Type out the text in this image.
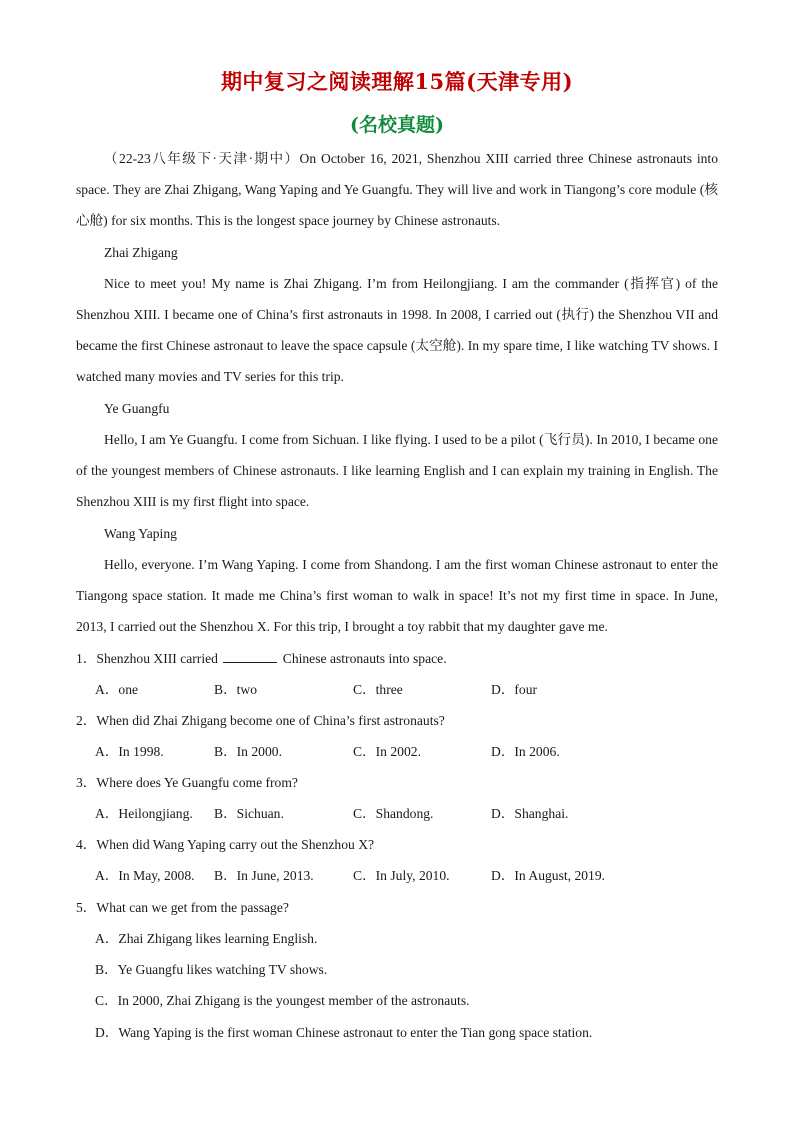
期中复习之阅读理解15篇(天津专用)
(名校真题)

（22-23八年级下·天津·期中）On October 16, 2021, Shenzhou XIII carried three Chinese astronauts into space. They are Zhai Zhigang, Wang Yaping and Ye Guangfu. They will live and work in Tiangong’s core module (核心舱) for six months. This is the longest space journey by Chinese astronauts.

Zhai Zhigang

Nice to meet you! My name is Zhai Zhigang. I’m from Heilongjiang. I am the commander (指挥官) of the Shenzhou XIII. I became one of China’s first astronauts in 1998. In 2008, I carried out (执行) the Shenzhou VII and became the first Chinese astronaut to leave the space capsule (太空舱). In my spare time, I like watching TV shows. I watched many movies and TV series for this trip.

Ye Guangfu

Hello, I am Ye Guangfu. I come from Sichuan. I like flying. I used to be a pilot (飞行员). In 2010, I became one of the youngest members of Chinese astronauts. I like learning English and I can explain my training in English. The Shenzhou XIII is my first flight into space.

Wang Yaping

Hello, everyone. I’m Wang Yaping. I come from Shandong. I am the first woman Chinese astronaut to enter the Tiangong space station. It made me China’s first woman to walk in space! It’s not my first time in space. In June, 2013, I carried out the Shenzhou X. For this trip, I brought a toy rabbit that my daughter gave me.

1．Shenzhou XIII carried	Chinese astronauts into space.
A．one	B．two	C．three	D．four
2．When did Zhai Zhigang become one of China’s first astronauts?
A．In 1998.	B．In 2000.	C．In 2002.	D．In 2006.
3．Where does Ye Guangfu come from?
A．Heilongjiang. B．Sichuan.	C．Shandong.	D．Shanghai.
4．When did Wang Yaping carry out the Shenzhou X?
A．In May, 2008. B．In June, 2013.	C．In July, 2010.	D．In August, 2019.
5．What can we get from the passage?
A．Zhai Zhigang likes learning English.
B．Ye Guangfu likes watching TV shows.
C．In 2000, Zhai Zhigang is the youngest member of the astronauts.
D．Wang Yaping is the first woman Chinese astronaut to enter the Tian gong space station.
